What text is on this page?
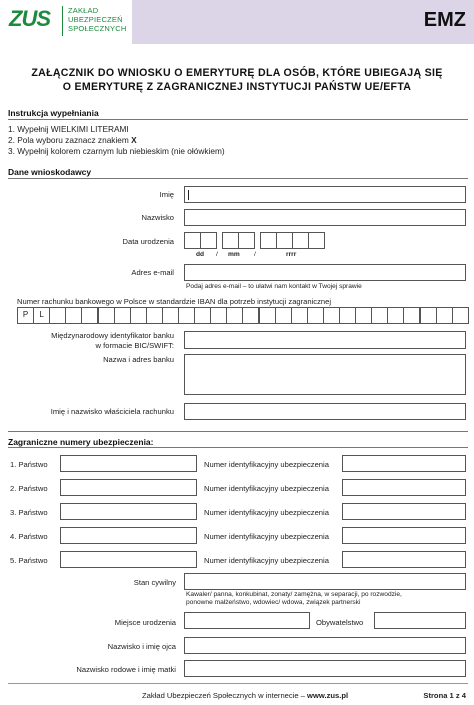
ZUS ZAKŁAD
UBEZPIECZEŃ
SPOŁECZNYCH	EMZ
ZAŁĄCZNIK DO WNIOSKU O EMERYTURĘ DLA OSÓB, KTÓRE UBIEGAJĄ SIĘ
O EMERYTURĘ Z ZAGRANICZNEJ INSTYTUCJI PAŃSTW UE/EFTA
Instrukcja wypełniania
1. Wypełnij WIELKIMI LITERAMI
2. Pola wyboru zaznacz znakiem X
3. Wypełnij kolorem czarnym lub niebieskim (nie ołówkiem)
Dane wnioskodawcy
Imię
Nazwisko
Data urodzenia
dd / mm /	rrrr
Adres e-mail
Podaj adres e-mail – to ułatwi nam kontakt w Twojej sprawie
Numer rachunku bankowego w Polsce w standardzie IBAN dla potrzeb instytucji zagranicznej
P	L
Międzynarodowy identyfikator banku
w formacie BIC/SWIFT:
Nazwa i adres banku
Imię i nazwisko właściciela rachunku
Zagraniczne numery ubezpieczenia:
1. Państwo	Numer identyfikacyjny ubezpieczenia
2. Państwo	Numer identyfikacyjny ubezpieczenia
3. Państwo	Numer identyfikacyjny ubezpieczenia
4. Państwo	Numer identyfikacyjny ubezpieczenia
5. Państwo	Numer identyfikacyjny ubezpieczenia
Stan cywilny
Kawaler/ panna, konkubinat, zonaty/ zamężna, w separacji, po rozwodzie,
ponowne małżeństwo, wdowiec/ wdowa, związek partnerski
Miejsce urodzenia	Obywatelstwo
Nazwisko i imię ojca
Nazwisko rodowe i imię matki
Zakład Ubezpieczeń Społecznych w internecie – www.zus.pl	Strona 1 z 4
